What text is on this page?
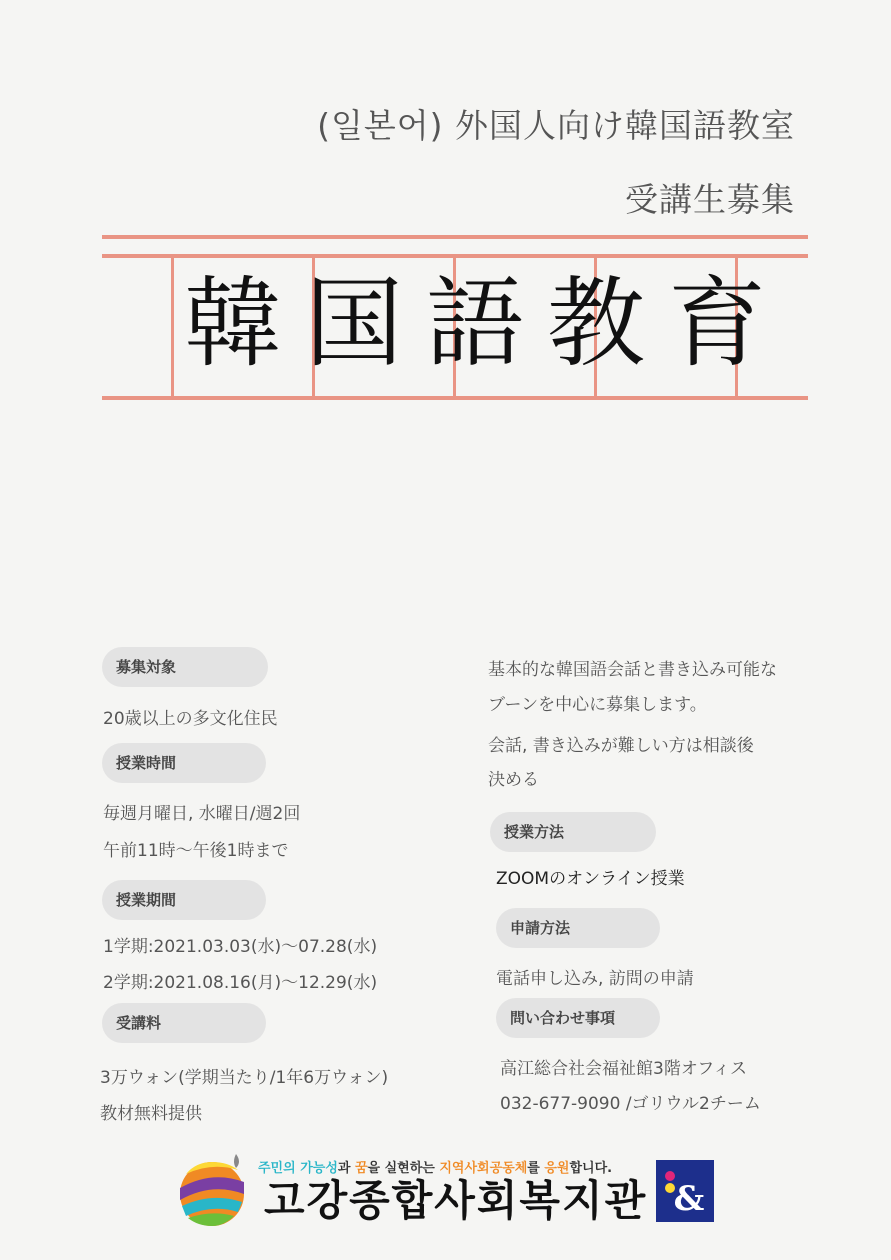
(일본어) 外国人向け韓国語教室
受講生募集
韓 国 語 教 育
募集対象
20歳以上の多文化住民
授業時間
毎週月曜日, 水曜日/週2回
午前11時〜午後1時まで
授業期間
1学期:2021.03.03(水)〜07.28(水)
2学期:2021.08.16(月)〜12.29(水)
受講料
3万ウォン(学期当たり/1年6万ウォン)
教材無料提供
基本的な韓国語会話と書き込み可能な
ブーンを中心に募集します。
会話, 書き込みが難しい方は相談後
決める
授業方法
ZOOMのオンライン授業
申請方法
電話申し込み, 訪問の申請
問い合わせ事項
高江総合社会福祉館3階オフィス
032-677-9090 /ゴリウル2チーム
주민의 가능성과 꿈을 실현하는 지역사회공동체를 응원합니다.
고강종합사회복지관 &
